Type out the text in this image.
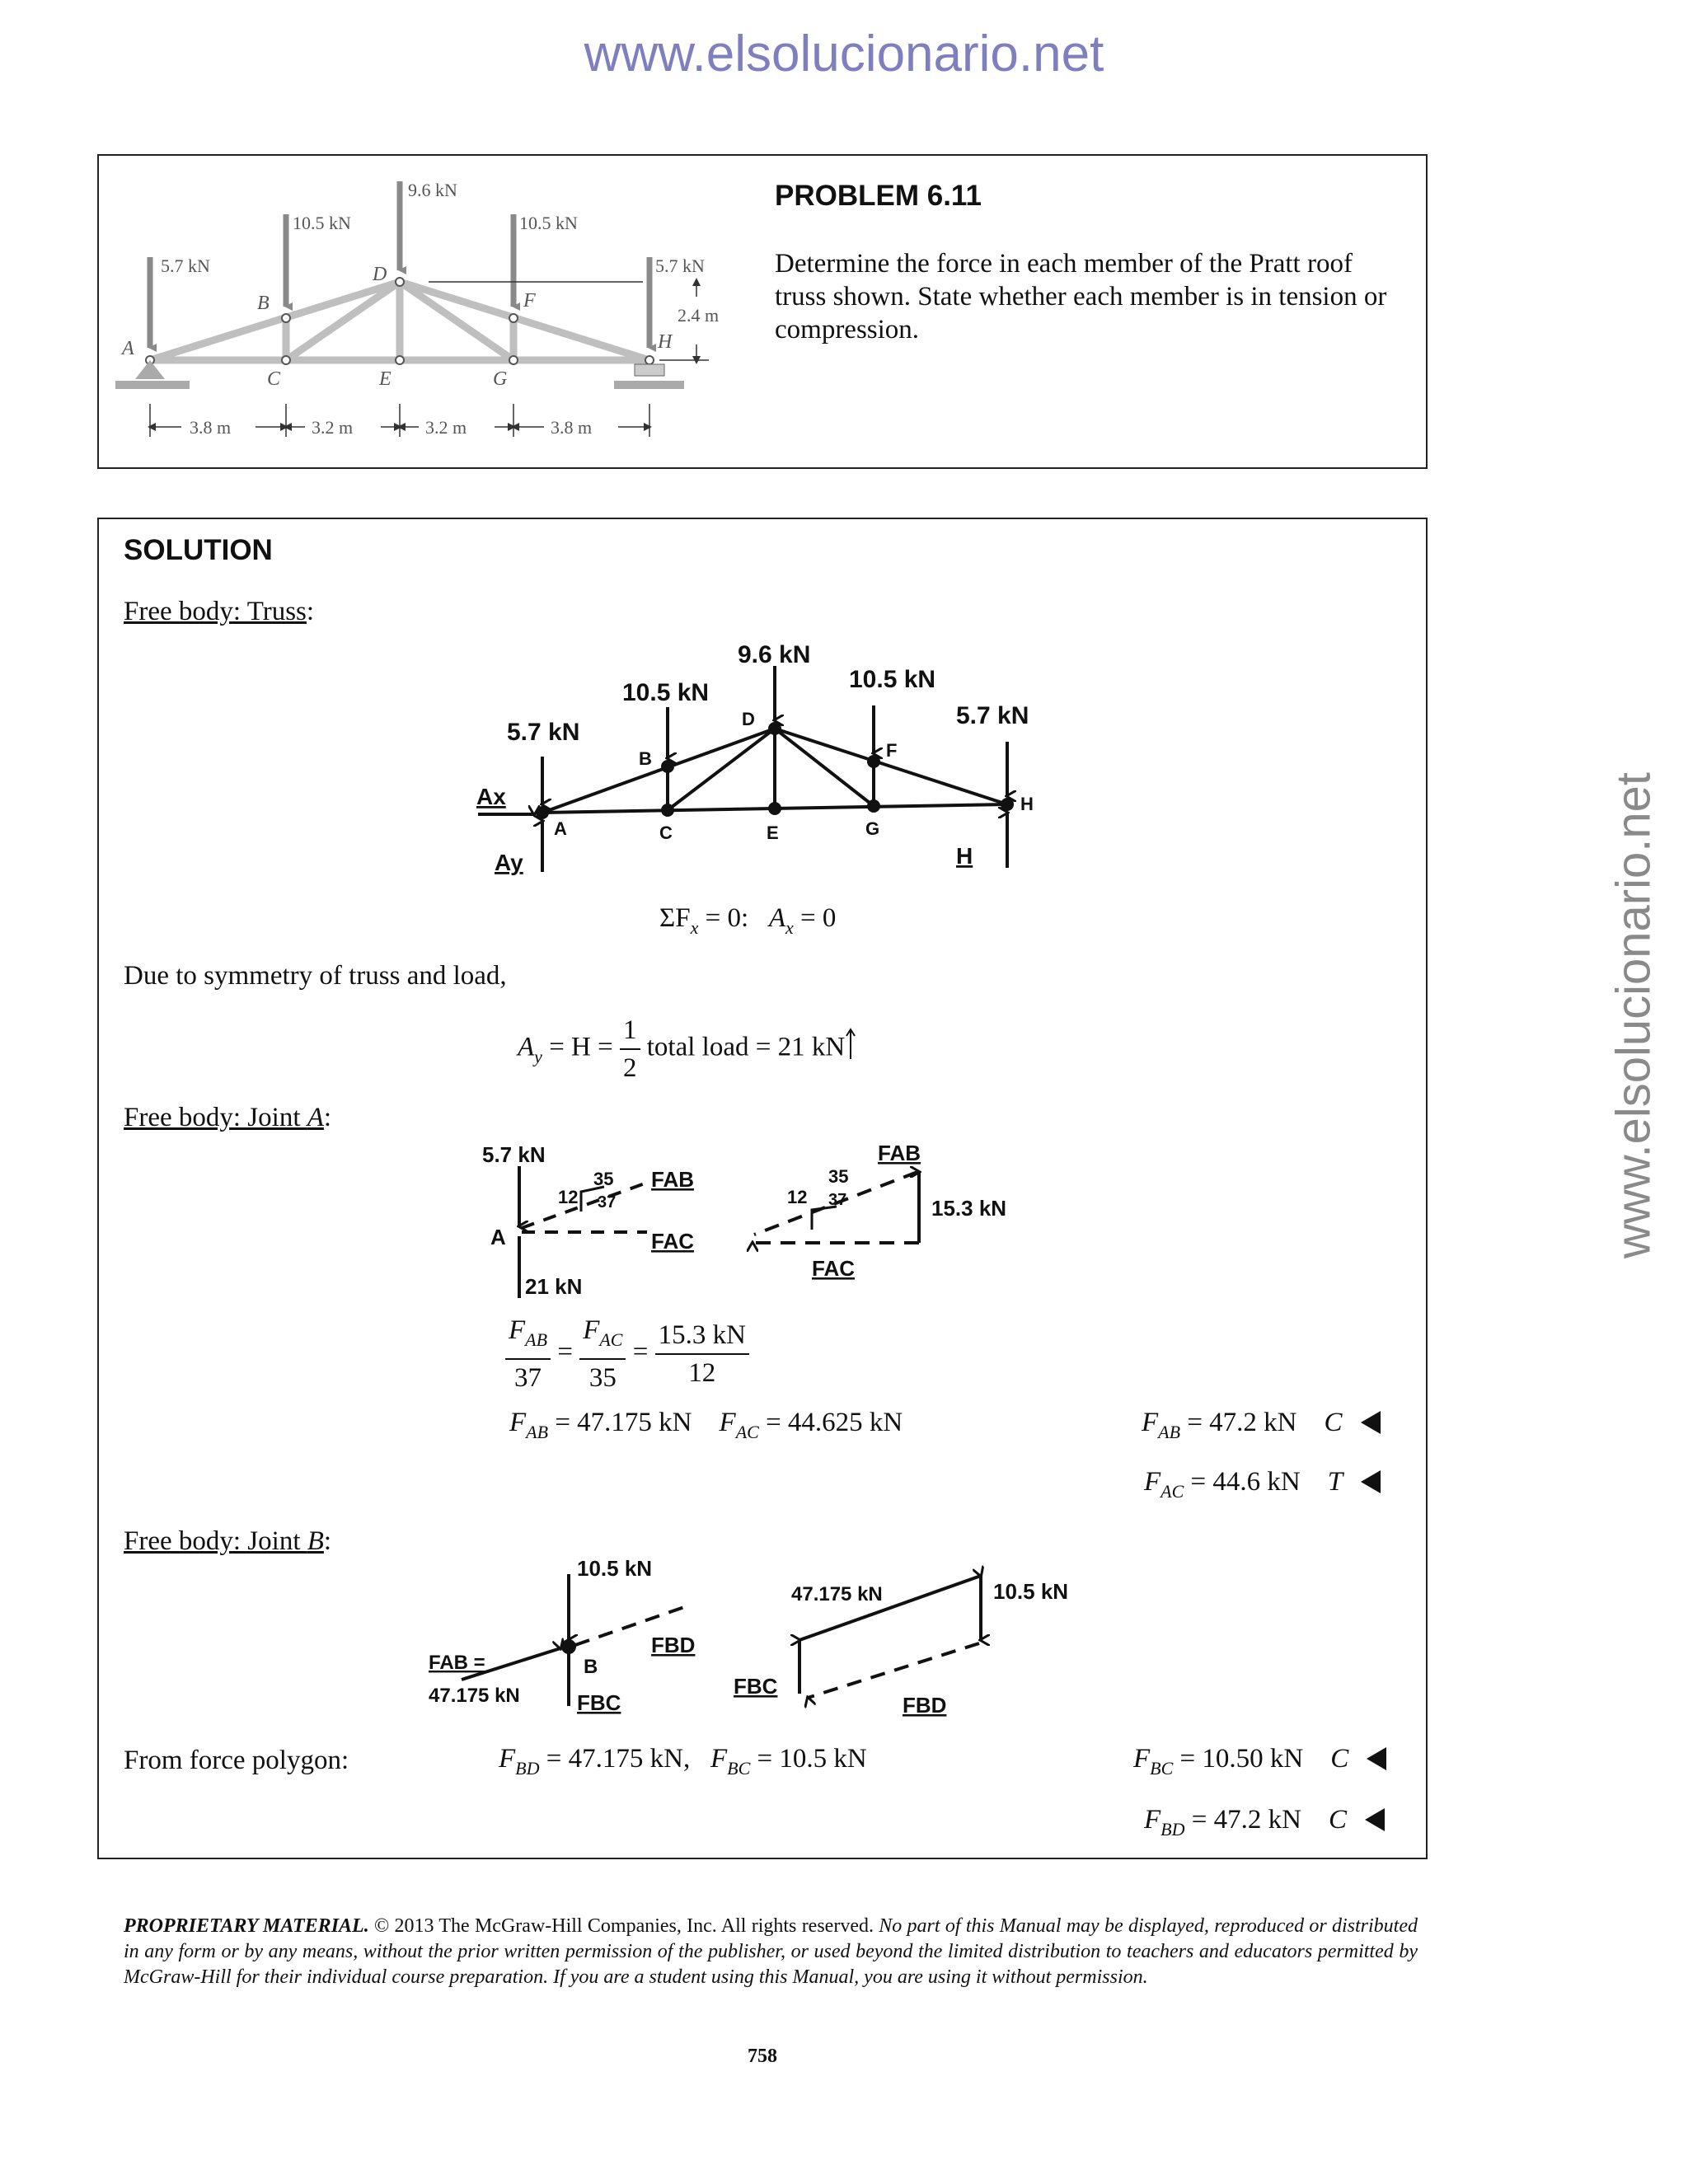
www.elsolucionario.net
www.elsolucionario.net
5.7 kN
10.5 kN
9.6 kN
10.5 kN
5.7 kN
A
B
C
D
E
F
G
H
2.4 m
3.8 m	3.2 m	3.2 m	3.8 m
PROBLEM 6.11
Determine the force in each member of the Pratt roof truss shown. State whether each member is in tension or compression.
SOLUTION
Free body: Truss:
5.7 kN
10.5 kN
9.6 kN
10.5 kN
5.7 kN
A
B
C
D
E
F
G
H
Ax
Ay	H
$\Sigma F_x = 0$: $A_x = 0$
Due to symmetry of truss and load,
$A_y = H = \frac{1}{2}$ total load = 21 kN
Free body: Joint A:
5.7 kN
A
21 kN
35
12 37
FAB
FAC
35
12 37
FAB
15.3 kN
FAC
$\frac{F_{AB}}{37} = \frac{F_{AC}}{35} = \frac{15.3 kN}{12}$
$F_{AB} = 47.175$ kN $F_{AC} = 44.625$ kN	$F_{AB} = 47.2$ kN C
$F_{AC} = 44.6$ kN T
Free body: Joint B:
10.5 kN
B
FAB =
47.175 kN	FBC
FBD
47.175 kN	10.5 kN
FBC
FBD
From force polygon:	$F_{BD} = 47.175$ kN, $F_{BC} = 10.5$ kN	$F_{BC} = 10.50$ kN C
$F_{BD} = 47.2$ kN C
PROPRIETARY MATERIAL. © 2013 The McGraw-Hill Companies, Inc. All rights reserved. No part of this Manual may be displayed, reproduced or distributed in any form or by any means, without the prior written permission of the publisher, or used beyond the limited distribution to teachers and educators permitted by McGraw-Hill for their individual course preparation. If you are a student using this Manual, you are using it without permission.
758
